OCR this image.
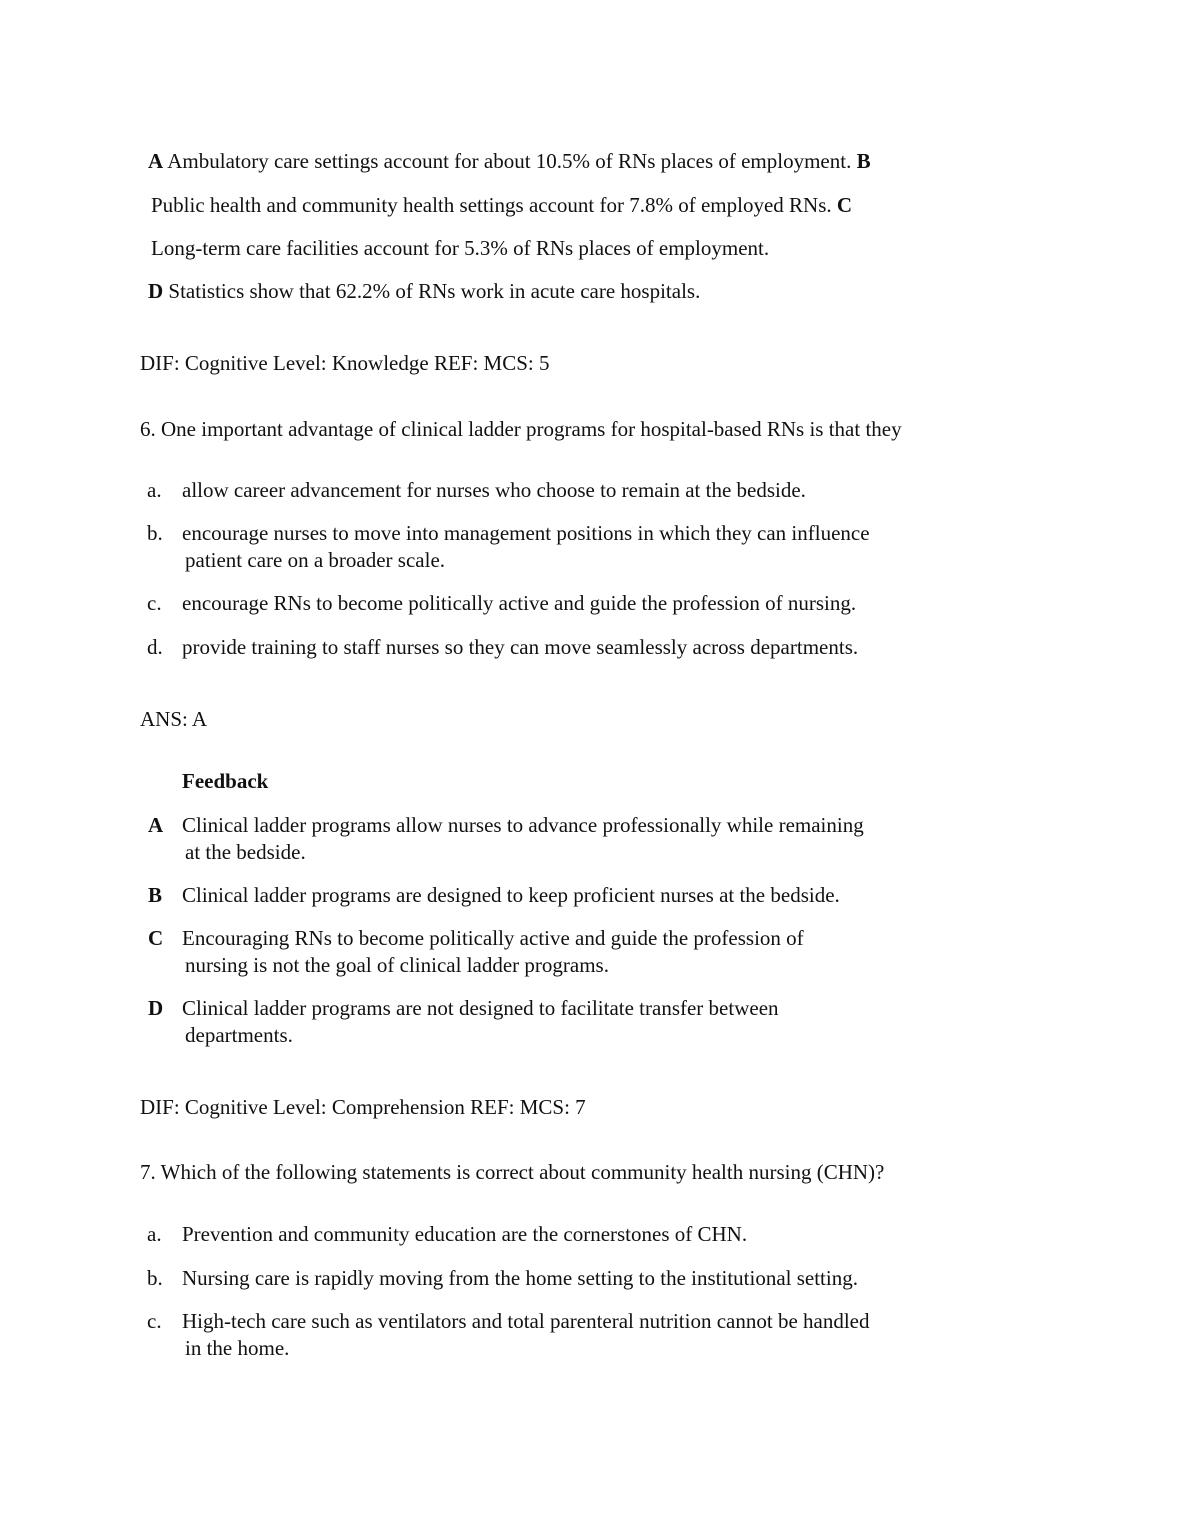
A Ambulatory care settings account for about 10.5% of RNs places of employment. B
Public health and community health settings account for 7.8% of employed RNs. C
Long-term care facilities account for 5.3% of RNs places of employment.
D Statistics show that 62.2% of RNs work in acute care hospitals.
DIF: Cognitive Level: Knowledge REF: MCS: 5
6. One important advantage of clinical ladder programs for hospital-based RNs is that they
a. allow career advancement for nurses who choose to remain at the bedside.
b. encourage nurses to move into management positions in which they can influence
patient care on a broader scale.
c. encourage RNs to become politically active and guide the profession of nursing.
d. provide training to staff nurses so they can move seamlessly across departments.
ANS: A
Feedback
A Clinical ladder programs allow nurses to advance professionally while remaining
at the bedside.
B Clinical ladder programs are designed to keep proficient nurses at the bedside.
C Encouraging RNs to become politically active and guide the profession of
nursing is not the goal of clinical ladder programs.
D Clinical ladder programs are not designed to facilitate transfer between
departments.
DIF: Cognitive Level: Comprehension REF: MCS: 7
7. Which of the following statements is correct about community health nursing (CHN)?
a. Prevention and community education are the cornerstones of CHN.
b. Nursing care is rapidly moving from the home setting to the institutional setting.
c. High-tech care such as ventilators and total parenteral nutrition cannot be handled
in the home.
